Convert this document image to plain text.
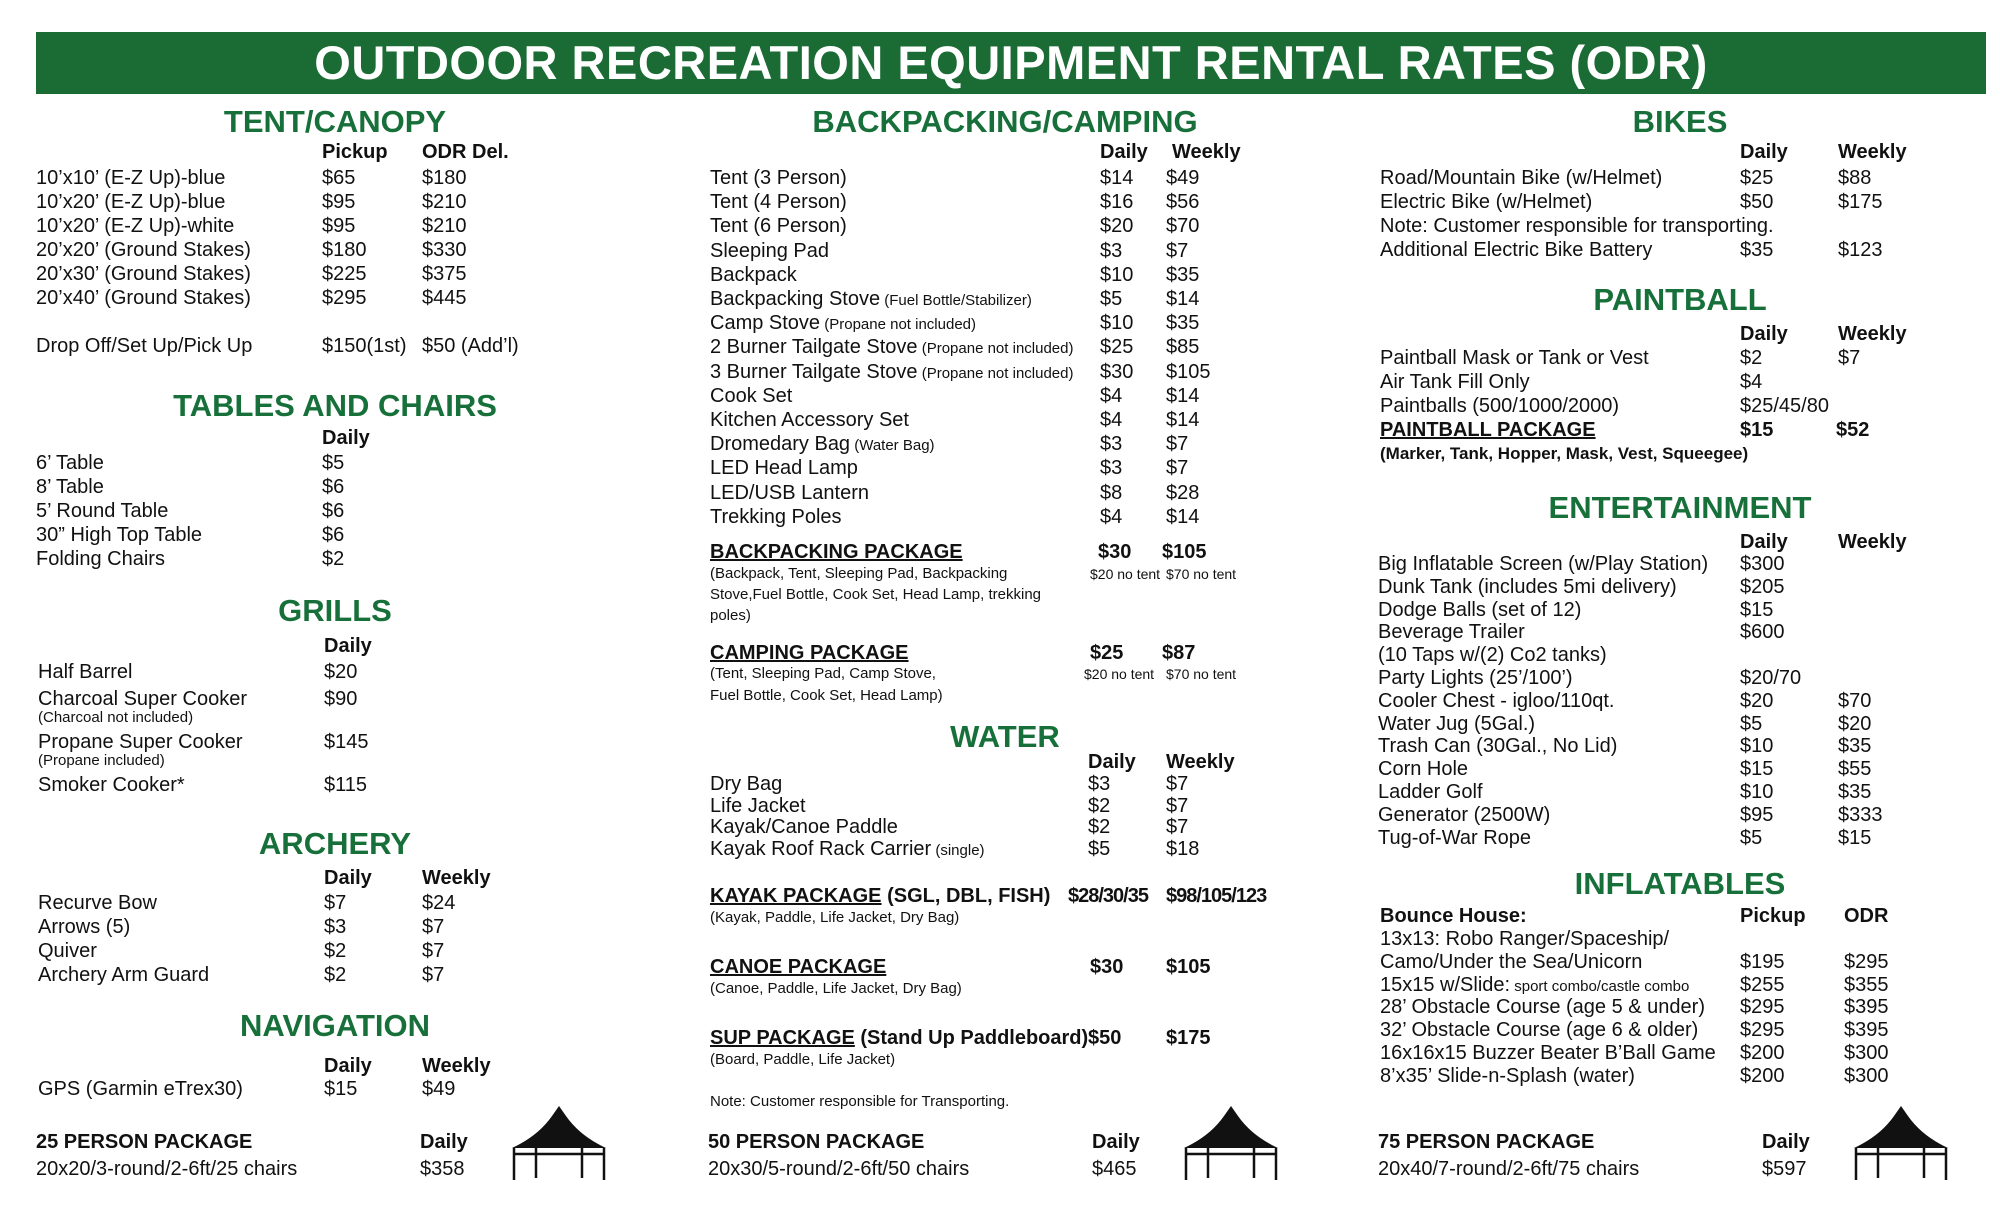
OUTDOOR RECREATION EQUIPMENT RENTAL RATES (ODR)
TENT/CANOPY
Pickup ODR Del.
10’x10’ (E-Z Up)-blue	$65	$180
10’x20’ (E-Z Up)-blue	$95	$210
10’x20’ (E-Z Up)-white	$95	$210
20’x20’ (Ground Stakes)	$180	$330
20’x30’ (Ground Stakes)	$225	$375
20’x40’ (Ground Stakes)	$295	$445
Drop Off/Set Up/Pick Up	$150(1st) $50 (Add’l)
TABLES AND CHAIRS
Daily
6’ Table	$5
8’ Table	$6
5’ Round Table	$6
30” High Top Table	$6
Folding Chairs	$2
GRILLS
Daily
Half Barrel	$20
Charcoal Super Cooker
(Charcoal not included)
$90
Propane Super Cooker
(Propane included)
$145
Smoker Cooker*	$115
ARCHERY
Daily	Weekly
Recurve Bow	$7	$24
Arrows (5)	$3	$7
Quiver	$2	$7
Archery Arm Guard	$2	$7
NAVIGATION
Daily	Weekly
GPS (Garmin eTrex30)	$15	$49
BACKPACKING/CAMPING
Daily Weekly
Tent (3 Person)	$14 $49
Tent (4 Person)	$16 $56
Tent (6 Person)	$20 $70
Sleeping Pad	$3 $7
Backpack	$10 $35
Backpacking Stove (Fuel Bottle/Stabilizer)	$5 $14
Camp Stove (Propane not included)	$10 $35
2 Burner Tailgate Stove (Propane not included) $25 $85
3 Burner Tailgate Stove (Propane not included) $30 $105
Cook Set	$4 $14
Kitchen Accessory Set	$4 $14
Dromedary Bag (Water Bag)	$3 $7
LED Head Lamp	$3 $7
LED/USB Lantern	$8 $28
Trekking Poles	$4 $14
BACKPACKING PACKAGE
(Backpack, Tent, Sleeping Pad, Backpacking
Stove,Fuel Bottle, Cook Set, Head Lamp, trekking
poles)
$30 $105
$20 no tent $70 no tent
CAMPING PACKAGE
(Tent, Sleeping Pad, Camp Stove,
Fuel Bottle, Cook Set, Head Lamp)
$25 $87
$20 no tent $70 no tent
WATER
Daily Weekly
Dry Bag	$3	$7
Life Jacket	$2	$7
Kayak/Canoe Paddle	$2	$7
Kayak Roof Rack Carrier (single)	$5	$18
KAYAK PACKAGE (SGL, DBL, FISH)
(Kayak, Paddle, Life Jacket, Dry Bag)
$28/30/35 $98/105/123
CANOE PACKAGE
(Canoe, Paddle, Life Jacket, Dry Bag)
$30 $105
SUP PACKAGE (Stand Up Paddleboard)
(Board, Paddle, Life Jacket)
$50 $175
Note: Customer responsible for Transporting.
BIKES
Daily	Weekly
Road/Mountain Bike (w/Helmet)	$25	$88
Electric Bike (w/Helmet)	$50	$175
Note: Customer responsible for transporting.
Additional Electric Bike Battery	$35	$123
PAINTBALL
Daily	Weekly
Paintball Mask or Tank or Vest	$2	$7
Air Tank Fill Only	$4
Paintballs (500/1000/2000)	$25/45/80
PAINTBALL PACKAGE	$15	$52
(Marker, Tank, Hopper, Mask, Vest, Squeegee)
ENTERTAINMENT
Daily	Weekly
Big Inflatable Screen (w/Play Station) $300
Dunk Tank (includes 5mi delivery)	$205
Dodge Balls (set of 12)	$15
Beverage Trailer	$600
(10 Taps w/(2) Co2 tanks)
Party Lights (25’/100’)	$20/70
Cooler Chest - igloo/110qt.	$20	$70
Water Jug (5Gal.)	$5	$20
Trash Can (30Gal., No Lid)	$10	$35
Corn Hole	$15	$55
Ladder Golf	$10	$35
Generator (2500W)	$95	$333
Tug-of-War Rope	$5	$15
INFLATABLES
Bounce House:	Pickup ODR
13x13: Robo Ranger/Spaceship/
Camo/Under the Sea/Unicorn	$195	$295
15x15 w/Slide: sport combo/castle combo	$255	$355
28’ Obstacle Course (age 5 & under) $295	$395
32’ Obstacle Course (age 6 & older) $295	$395
16x16x15 Buzzer Beater B’Ball Game $200	$300
8’x35’ Slide-n-Splash (water)	$200	$300
25 PERSON PACKAGE	Daily
20x20/3-round/2-6ft/25 chairs	$358
50 PERSON PACKAGE	Daily
20x30/5-round/2-6ft/50 chairs	$465
75 PERSON PACKAGE	Daily
20x40/7-round/2-6ft/75 chairs	$597
